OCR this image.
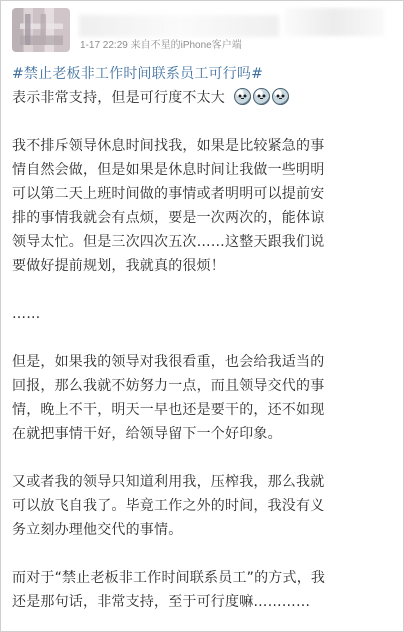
1-17 22:29 来自不星的iPhone客户端
#禁止老板非工作时间联系员工可行吗#
表示非常支持，但是可行度不太大
我不排斥领导休息时间找我，如果是比较紧急的事
情自然会做，但是如果是休息时间让我做一些明明
可以第二天上班时间做的事情或者明明可以提前安
排的事情我就会有点烦，要是一次两次的，能体谅
领导太忙。但是三次四次五次……这整天跟我们说
要做好提前规划，我就真的很烦！
……
但是，如果我的领导对我很看重，也会给我适当的
回报，那么我就不妨努力一点，而且领导交代的事
情，晚上不干，明天一早也还是要干的，还不如现
在就把事情干好，给领导留下一个好印象。
又或者我的领导只知道利用我，压榨我，那么我就
可以放飞自我了。毕竟工作之外的时间，我没有义
务立刻办理他交代的事情。
而对于“禁止老板非工作时间联系员工”的方式，我
还是那句话，非常支持，至于可行度嘛…………
